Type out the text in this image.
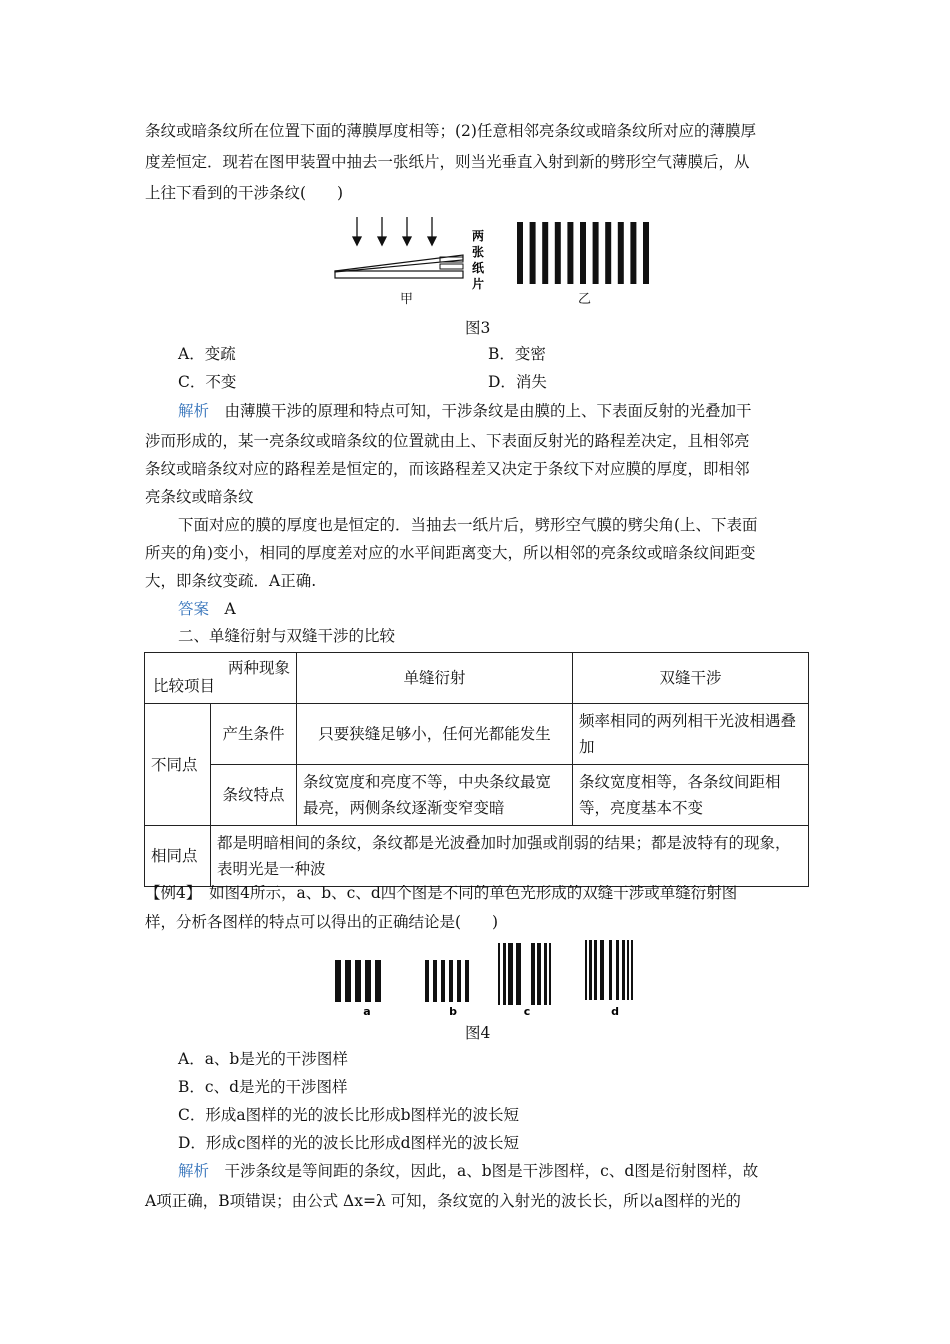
条纹或暗条纹所在位置下面的薄膜厚度相等；(2)任意相邻亮条纹或暗条纹所对应的薄膜厚
度差恒定．现若在图甲装置中抽去一张纸片，则当光垂直入射到新的劈形空气薄膜后，从
上往下看到的干涉条纹(　　)
两
张
纸
片
甲	乙
图3
A．变疏	B．变密
C．不变	D．消失
解析　由薄膜干涉的原理和特点可知，干涉条纹是由膜的上、下表面反射的光叠加干
涉而形成的，某一亮条纹或暗条纹的位置就由上、下表面反射光的路程差决定，且相邻亮
条纹或暗条纹对应的路程差是恒定的，而该路程差又决定于条纹下对应膜的厚度，即相邻
亮条纹或暗条纹
下面对应的膜的厚度也是恒定的．当抽去一纸片后，劈形空气膜的劈尖角(上、下表面
所夹的角)变小，相同的厚度差对应的水平间距离变大，所以相邻的亮条纹或暗条纹间距变
大，即条纹变疏．A正确.
答案　 A
二、单缝衍射与双缝干涉的比较
两种现象
比较项目		单缝衍射	双缝干涉
不同点	产生条件	只要狭缝足够小，任何光都能发生	频率相同的两列相干光波相遇叠加
	条纹特点	条纹宽度和亮度不等，中央条纹最宽最亮，两侧条纹逐渐变窄变暗	条纹宽度相等，各条纹间距相等，亮度基本不变
相同点	都是明暗相间的条纹，条纹都是光波叠加时加强或削弱的结果；都是波特有的现象，表明光是一种波		
【例4】　如图4所示，a、b、c、d四个图是不同的单色光形成的双缝干涉或单缝衍射图
样，分析各图样的特点可以得出的正确结论是(　　)
a	b	c	d
图4
A．a、b是光的干涉图样
B．c、d是光的干涉图样
C．形成a图样的光的波长比形成b图样光的波长短
D．形成c图样的光的波长比形成d图样光的波长短
解析　干涉条纹是等间距的条纹，因此，a、b图是干涉图样，c、d图是衍射图样，故
A项正确，B项错误；由公式 Δx=λ 可知，条纹宽的入射光的波长长，所以a图样的光的
